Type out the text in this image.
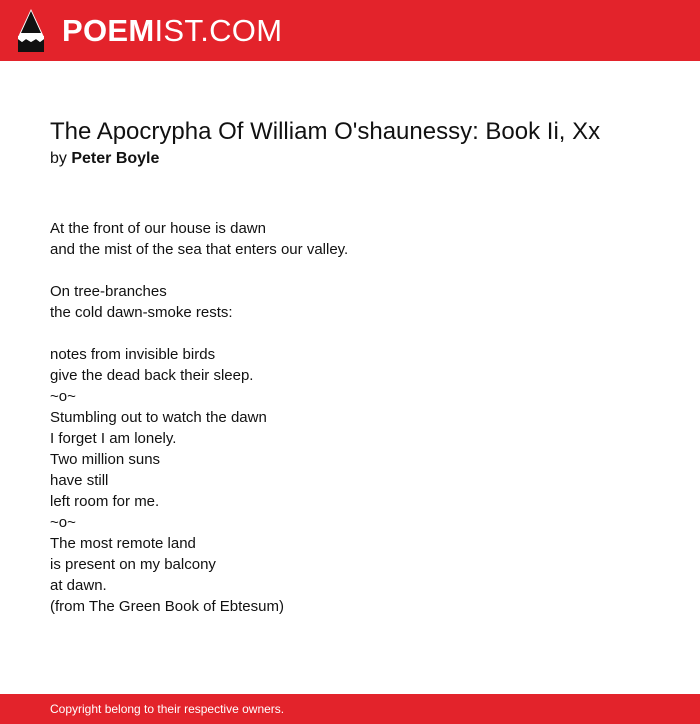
POEMIST.COM
The Apocrypha Of William O'shaunessy: Book Ii, Xx
by Peter Boyle
At the front of our house is dawn
and the mist of the sea that enters our valley.
On tree-branches
the cold dawn-smoke rests:
notes from invisible birds
give the dead back their sleep.
~o~
Stumbling out to watch the dawn
I forget I am lonely.
Two million suns
have still
left room for me.
~o~
The most remote land
is present on my balcony
at dawn.
(from The Green Book of Ebtesum)
Copyright belong to their respective owners.
